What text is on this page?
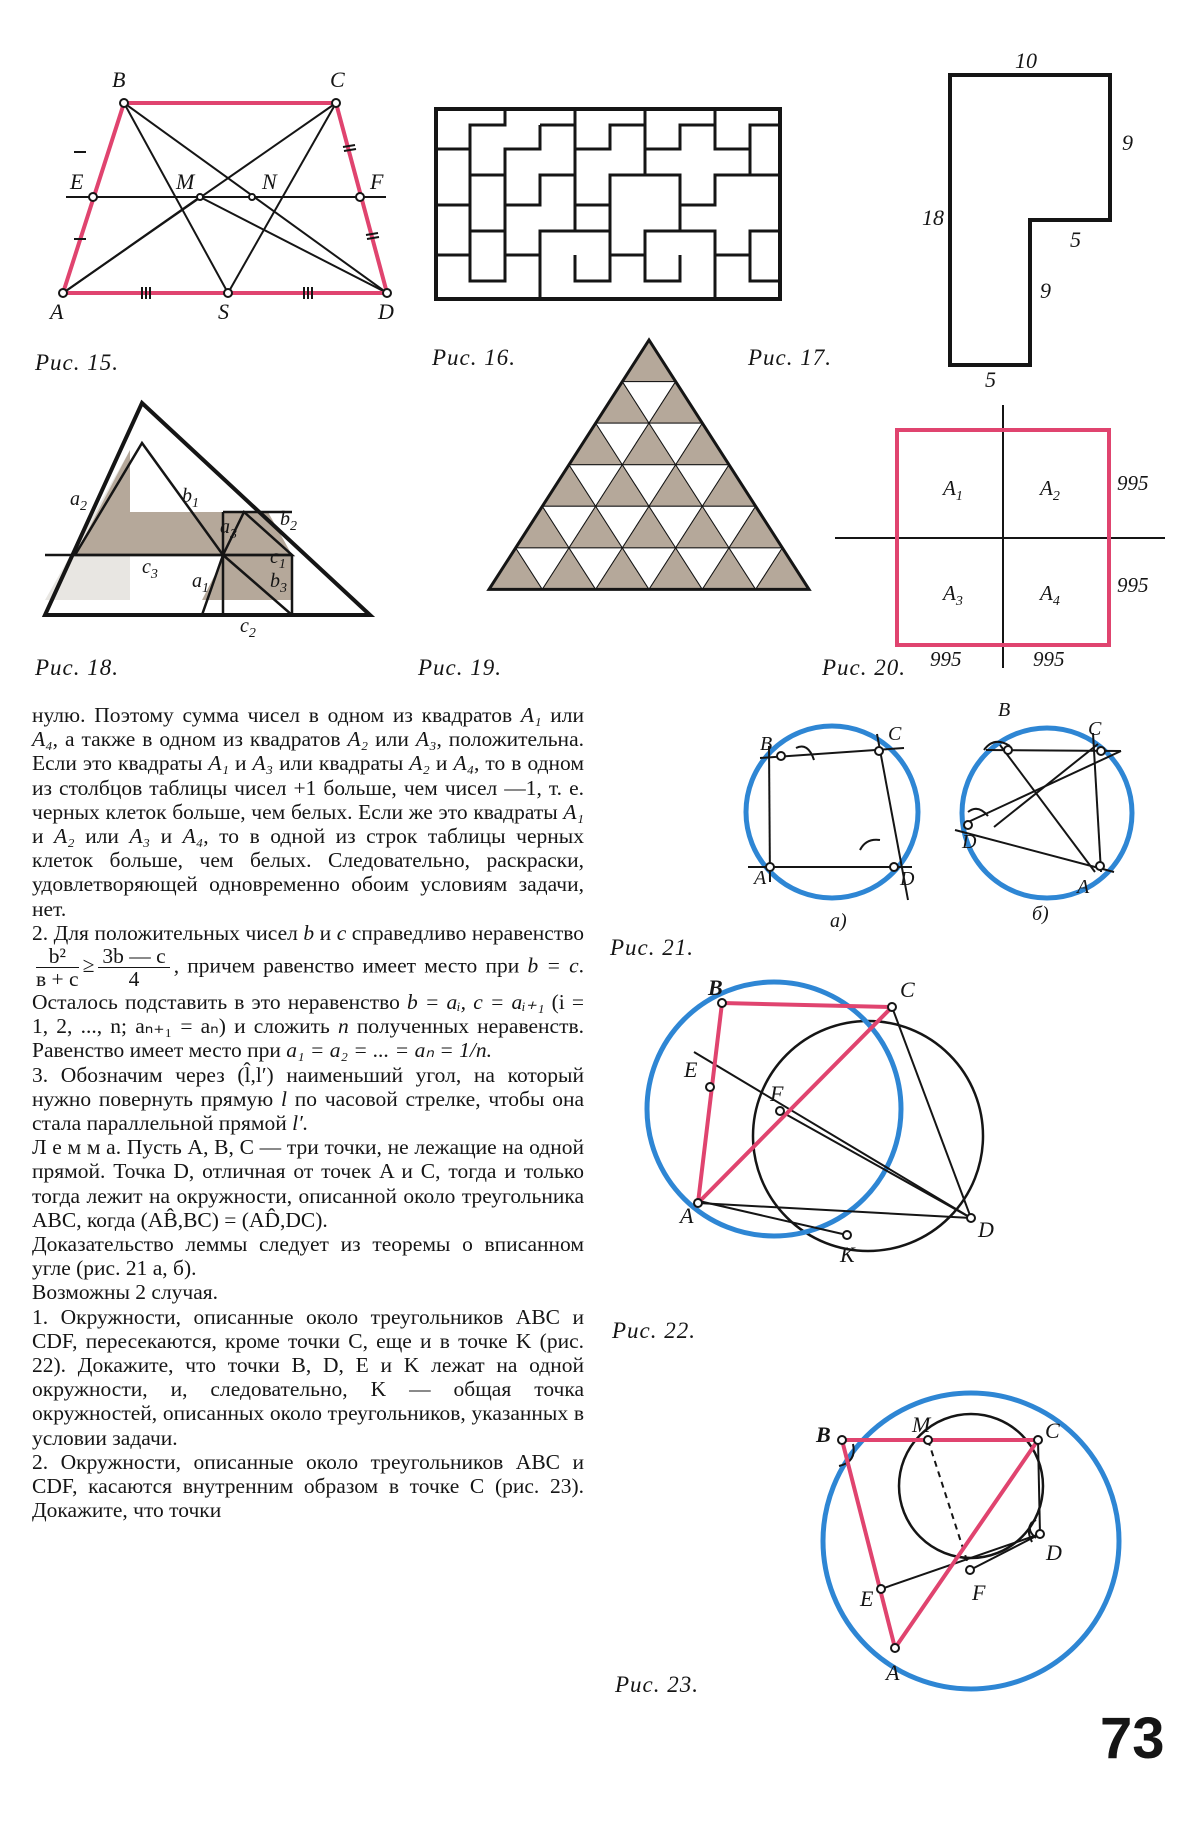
B	C
E	M	N	F
A	S	D
Рис. 15.	Рис. 16.
10
9
18
5
9
5
Рис. 17.
$a_2$	$b_1$
$a_3$
$b_2$
$c_1$
$c_3$ $a_1$	$b_3$
$c_2$
Рис. 18.	Рис. 19.
$A_1$	$A_2$
$A_3$	$A_4$
995
995
995	995
Рис. 20.
B	C
A	D
а)
B
C
D
A
б)
Рис. 21.
B	C
E
F
A
K
D
Рис. 22.
B	M	C
D
E	F
A
Рис. 23.

нулю. Поэтому сумма чисел в одном из квадратов A₁ или A₄, а также в одном из квадратов A₂ или A₃, положительна. Если это квадраты A₁ и A₃ или квадраты A₂ и A₄, то в одном из столбцов таблицы чисел +1 больше, чем чисел —1, т. е. черных клеток больше, чем белых. Если же это квадраты A₁ и A₂ или A₃ и A₄, то в одной из строк таблицы черных клеток больше, чем белых. Следовательно, раскраски, удовлетворяющей одновременно обоим условиям задачи, нет.

2. Для положительных чисел b и c справедливо неравенство
$\frac{\text{b²}}{в + c} \ge \frac{3b — c}{4}$ , причем равенство имеет место при b = c. Осталось подставить в это неравенство b = aᵢ, c = aᵢ₊₁ (i = 1, 2, ..., n; aₙ₊₁ = aₙ) и сложить n полученных неравенств. Равенство имеет место при a₁ = a₂ = ... = aₙ = 1/n.

3. Обозначим через (l̂,l′) наименьший угол, на который нужно повернуть прямую l по часовой стрелке, чтобы она стала параллельной прямой l′.

Л е м м а. Пусть A, B, C — три точки, не лежащие на одной прямой. Точка D, отличная от точек A и C, тогда и только тогда лежит на окружности, описанной около треугольника ABC, когда (AB̂,BC) = (AD̂,DC).

Доказательство леммы следует из теоремы о вписанном угле (рис. 21 а, б).

Возможны 2 случая.

1. Окружности, описанные около треугольников ABC и CDF, пересекаются, кроме точки C, еще и в точке K (рис. 22). Докажите, что точки B, D, E и K лежат на одной окружности, и, следовательно, K — общая точка окружностей, описанных около треугольников, указанных в условии задачи.

2. Окружности, описанные около треугольников ABC и CDF, касаются внутренним образом в точке C (рис. 23). Докажите, что точки

73
